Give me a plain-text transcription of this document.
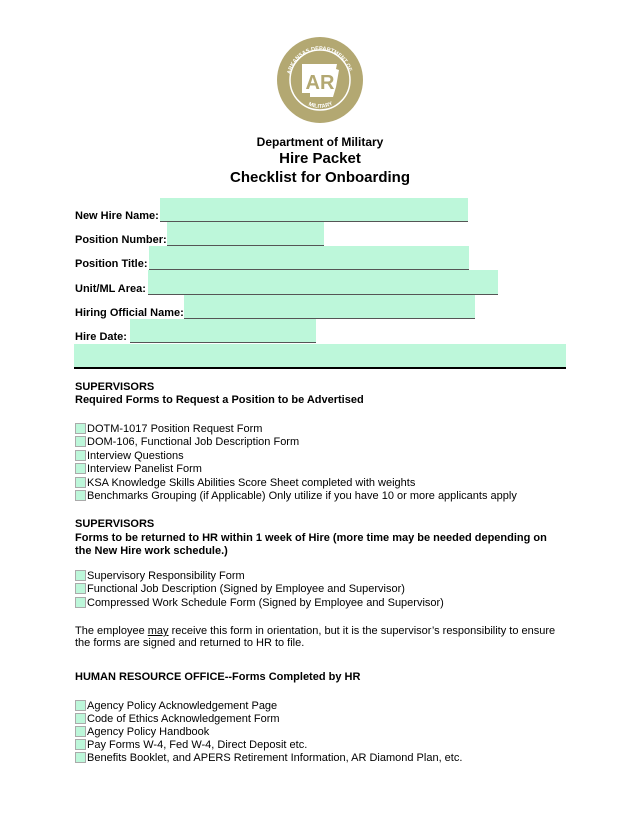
ARKANSAS DEPARTMENT OF
MILITARY
AR
Department of Military
Hire Packet
Checklist for Onboarding
New Hire Name:
Position Number:
Position Title:
Unit/ML Area:
Hiring Official Name:
Hire Date:
SUPERVISORS
Required Forms to Request a Position to be Advertised
DOTM-1017 Position Request Form
DOM-106, Functional Job Description Form
Interview Questions
Interview Panelist Form
KSA Knowledge Skills Abilities Score Sheet completed with weights
Benchmarks Grouping (if Applicable) Only utilize if you have 10 or more applicants apply
SUPERVISORS
Forms to be returned to HR within 1 week of Hire (more time may be needed depending on
the New Hire work schedule.)
Supervisory Responsibility Form
Functional Job Description (Signed by Employee and Supervisor)
Compressed Work Schedule Form (Signed by Employee and Supervisor)
The employee may receive this form in orientation, but it is the supervisor’s responsibility to ensure
the forms are signed and returned to HR to file.
HUMAN RESOURCE OFFICE--Forms Completed by HR
Agency Policy Acknowledgement Page
Code of Ethics Acknowledgement Form
Agency Policy Handbook
Pay Forms W-4, Fed W-4, Direct Deposit etc.
Benefits Booklet, and APERS Retirement Information, AR Diamond Plan, etc.
